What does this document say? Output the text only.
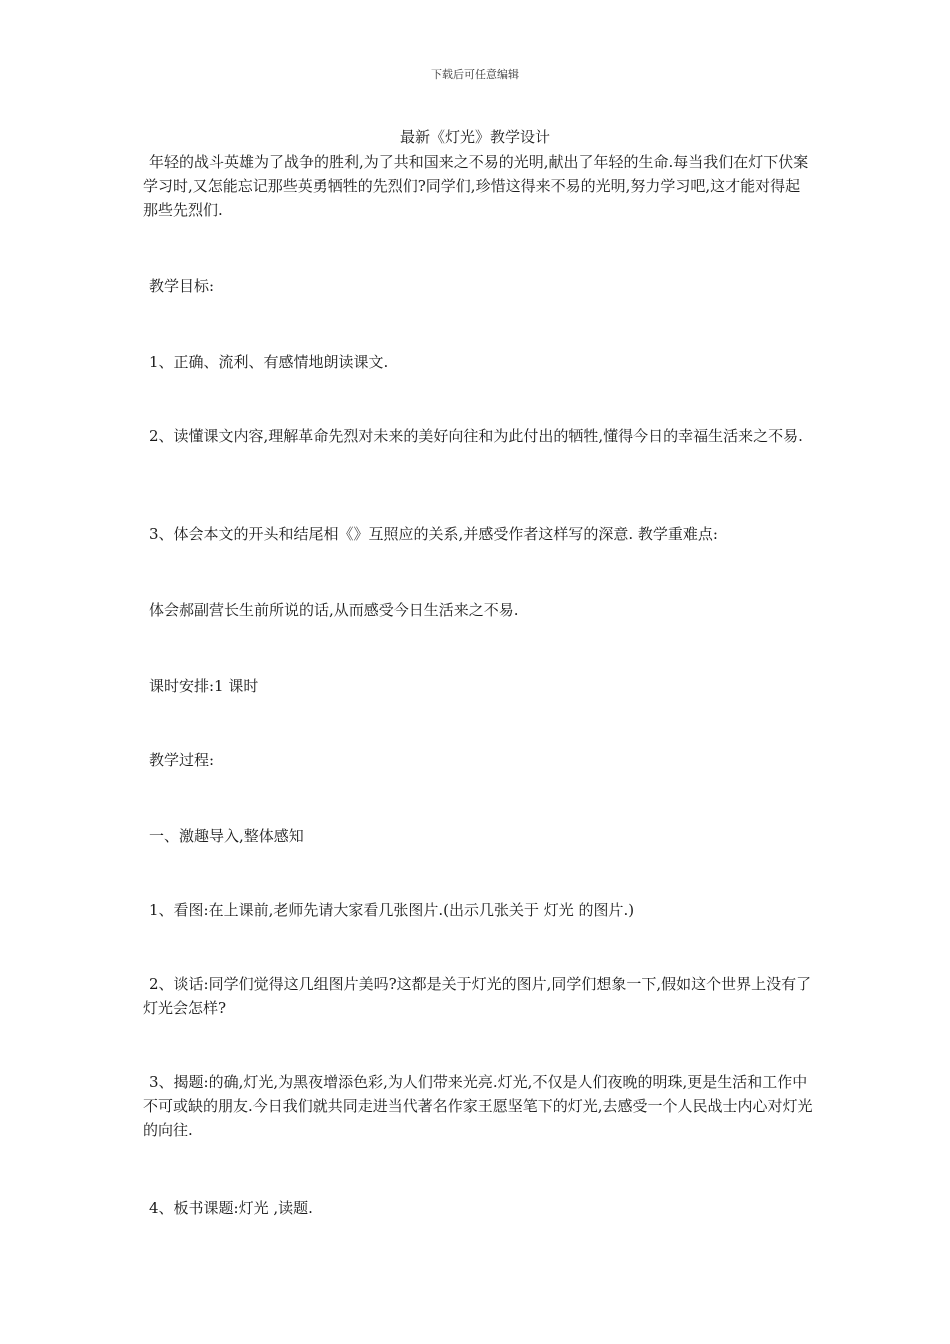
下载后可任意编辑
最新《灯光》教学设计

年轻的战斗英雄为了战争的胜利,为了共和国来之不易的光明,献出了年轻的生命.每当我们在灯下伏案学习时,又怎能忘记那些英勇牺牲的先烈们?同学们,珍惜这得来不易的光明,努力学习吧,这才能对得起那些先烈们.

教学目标:

1、正确、流利、有感情地朗读课文.

2、读懂课文内容,理解革命先烈对未来的美好向往和为此付出的牺牲,懂得今日的幸福生活来之不易.

3、体会本文的开头和结尾相《》互照应的关系,并感受作者这样写的深意. 教学重难点:

体会郝副营长生前所说的话,从而感受今日生活来之不易.

课时安排:1 课时

教学过程:

一、激趣导入,整体感知

1、看图:在上课前,老师先请大家看几张图片.(出示几张关于 灯光 的图片.)

2、谈话:同学们觉得这几组图片美吗?这都是关于灯光的图片,同学们想象一下,假如这个世界上没有了灯光会怎样?

3、揭题:的确,灯光,为黑夜增添色彩,为人们带来光亮.灯光,不仅是人们夜晚的明珠,更是生活和工作中不可或缺的朋友.今日我们就共同走进当代著名作家王愿坚笔下的灯光,去感受一个人民战士内心对灯光的向往.

4、板书课题:灯光 ,读题.
